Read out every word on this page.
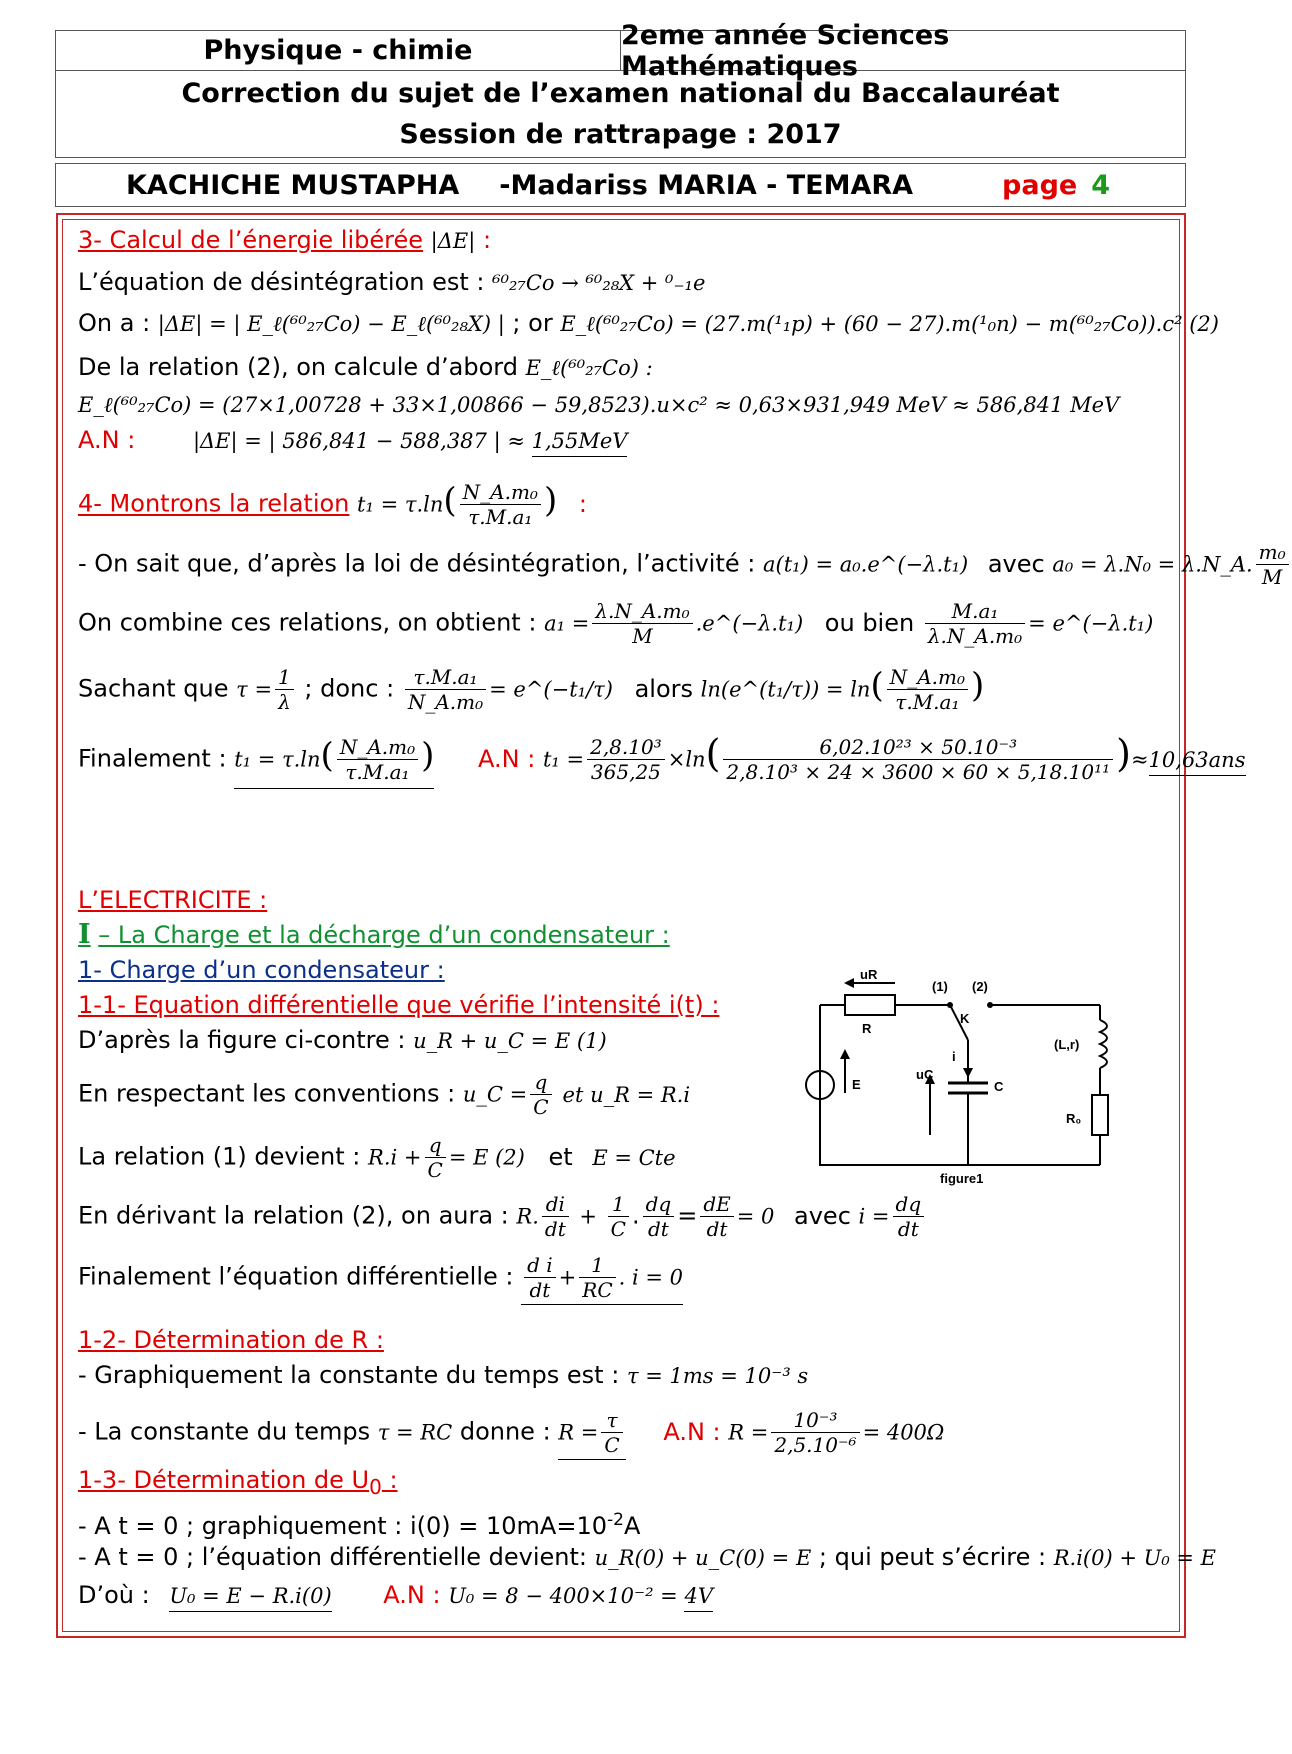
Physique - chimie	2eme année Sciences Mathématiques
Correction du sujet de l’examen national du Baccalauréat
Session de rattrapage : 2017
KACHICHE MUSTAPHA -Madariss MARIA - TEMARA	page 4
3- Calcul de l’énergie libérée |ΔE| :
L’équation de désintégration est : ⁶⁰₂₇Co → ⁶⁰₂₈X + ⁰₋₁e
On a : |ΔE| = | E_ℓ(⁶⁰₂₇Co) − E_ℓ(⁶⁰₂₈X) | ; or E_ℓ(⁶⁰₂₇Co) = (27.m(¹₁p) + (60 − 27).m(¹₀n) − m(⁶⁰₂₇Co)).c² (2)
De la relation (2), on calcule d’abord E_ℓ(⁶⁰₂₇Co) :
E_ℓ(⁶⁰₂₇Co) = (27×1,00728 + 33×1,00866 − 59,8523).u×c² ≈ 0,63×931,949 MeV ≈ 586,841 MeV
A.N :	|ΔE| = | 586,841 − 588,387 | ≈ 1,55MeV
4- Montrons la relation $t_1 = \tau.\ln( \frac{\text{N\_A.m₀}}{\text{τ.M.a₁}}$ ) :
- On sait que, d’après la loi de désintégration, l’activité : a(t₁) = a₀.e^(−λ.t₁) avec a₀ = λ.N₀ = λ.N_A. $\frac{\text{m₀}}{M}$
On combine ces relations, on obtient : $a_1 = \frac{\text{λ.N\_A.m₀}}{M}$ .e^(−λ.t₁) ou bien $\frac{\text{M.a₁}}{\text{λ.N\_A.m₀}}$ = e^(−λ.t₁)
Sachant que $\tau = \frac{1}{\lambda}$ ; donc : $\frac{\text{τ.M.a₁}}{\text{N\_A.m₀}}$ = e^(−t₁/τ) alors ln(e^(t₁/τ)) = $\ln( \frac{\text{N\_A.m₀}}{\text{τ.M.a₁}}$ )
Finalement : $t_1 = \tau.\ln( \frac{\text{N\_A.m₀}}{\text{τ.M.a₁}}$ ) A.N : $t_1 = \frac{\text{2,8.10³}}{365,25} \times\ln( \frac{\text{6,02.10²³ × 50.10⁻³}}{\text{2,8.10³ × 24 × 3600 × 60 × 5,18.10¹¹}} )\approx 10,63ans$
L’ELECTRICITE :
I – La Charge et la décharge d’un condensateur :
1- Charge d’un condensateur :
1-1- Equation différentielle que vérifie l’intensité i(t) :
D’après la figure ci-contre : u_R + u_C = E (1)
En respectant les conventions : u_C = $\frac{q}{C}$ et u_R = R.i
La relation (1) devient : $R.i + \frac{q}{C} = E$ (2) et E = Cte
En dérivant la relation (2), on aura : R. $\frac{di}{dt} + \frac{1}{C}$ . $\frac{dq}{dt} = \frac{dE}{dt} = 0$ avec $i = \frac{dq}{dt}$
Finalement l’équation différentielle : $\frac{\text{d i}}{dt} + \frac{1}{RC}$ . i = 0
1-2- Détermination de R :
- Graphiquement la constante du temps est : τ = 1ms = 10⁻³ s
- La constante du temps τ = RC donne : $R = \frac{\tau}{C} A.N$ : $R = \frac{\text{10⁻³}}{\text{2,5.10⁻⁶}} = 400\Omega$
1-3- Détermination de $U_0$ :
- A t = 0 ; graphiquement : $i(0) = 10mA=10^{-2}A$
- A t = 0 ; l’équation différentielle devient: u_R(0) + u_C(0) = E ; qui peut s’écrire : R.i(0) + U₀ = E
D’où : U₀ = E − R.i(0) A.N : U₀ = 8 − 400×10⁻² = 4V
uR
R
(1) (2)
K
i
uC
C
E
(L,r)
R₀
figure1
